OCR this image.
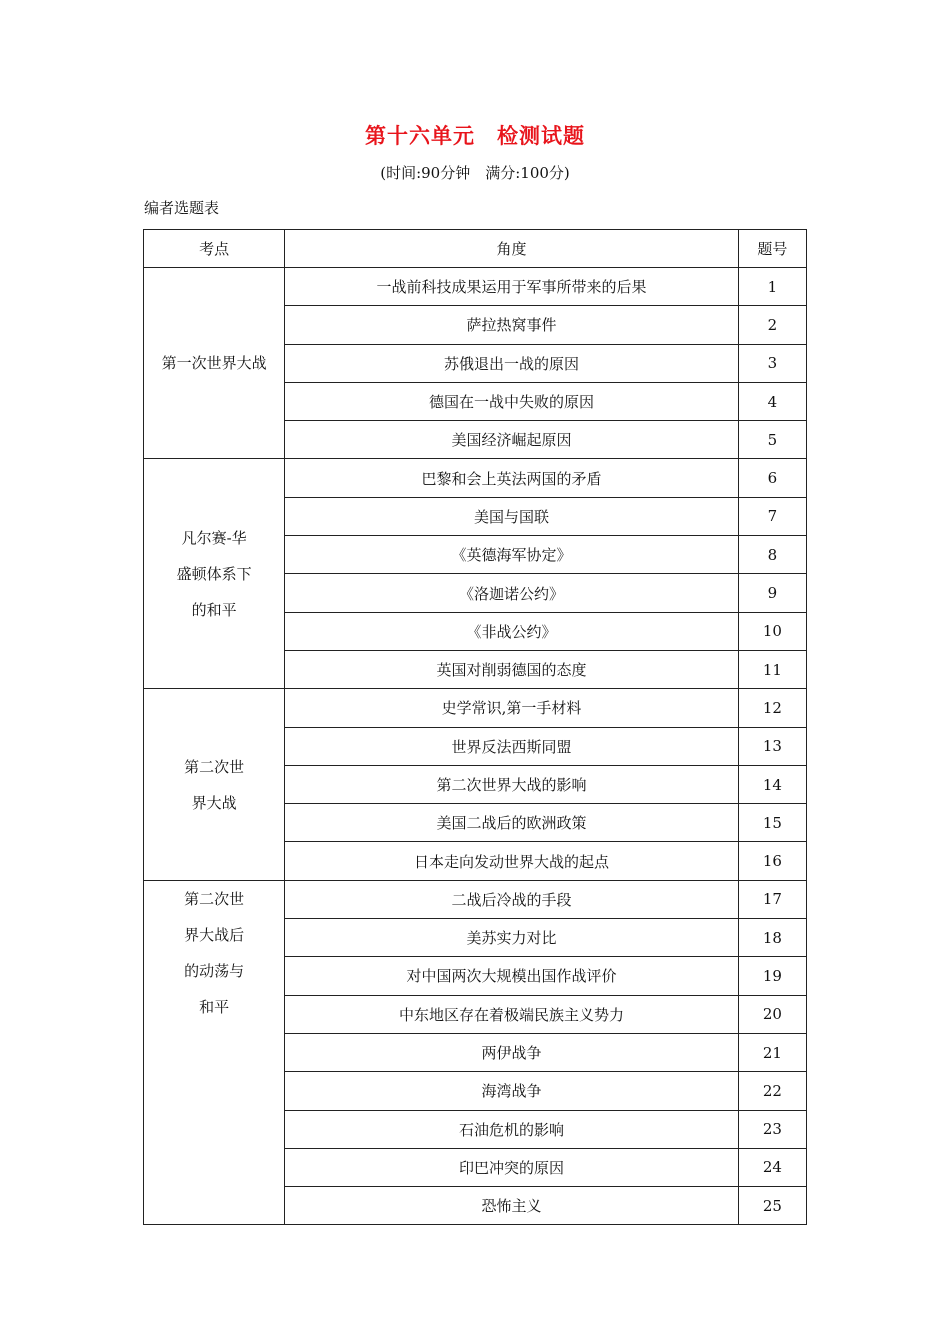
第十六单元　检测试题
(时间:90分钟　满分:100分)
编者选题表
考点	角度	题号

第一次世界大战	一战前科技成果运用于军事所带来的后果	1
	萨拉热窝事件	2
	苏俄退出一战的原因	3
	德国在一战中失败的原因	4
	美国经济崛起原因	5

凡尔赛-华
盛顿体系下
的和平	巴黎和会上英法两国的矛盾	6
	美国与国联	7
	《英德海军协定》	8
	《洛迦诺公约》	9
	《非战公约》	10
	英国对削弱德国的态度	11

第二次世
界大战	史学常识,第一手材料	12
	世界反法西斯同盟	13
	第二次世界大战的影响	14
	美国二战后的欧洲政策	15
	日本走向发动世界大战的起点	16

第二次世
界大战后
的动荡与
和平	二战后冷战的手段	17
	美苏实力对比	18
	对中国两次大规模出国作战评价	19
	中东地区存在着极端民族主义势力	20
	两伊战争	21
	海湾战争	22
	石油危机的影响	23
	印巴冲突的原因	24
	恐怖主义	25
